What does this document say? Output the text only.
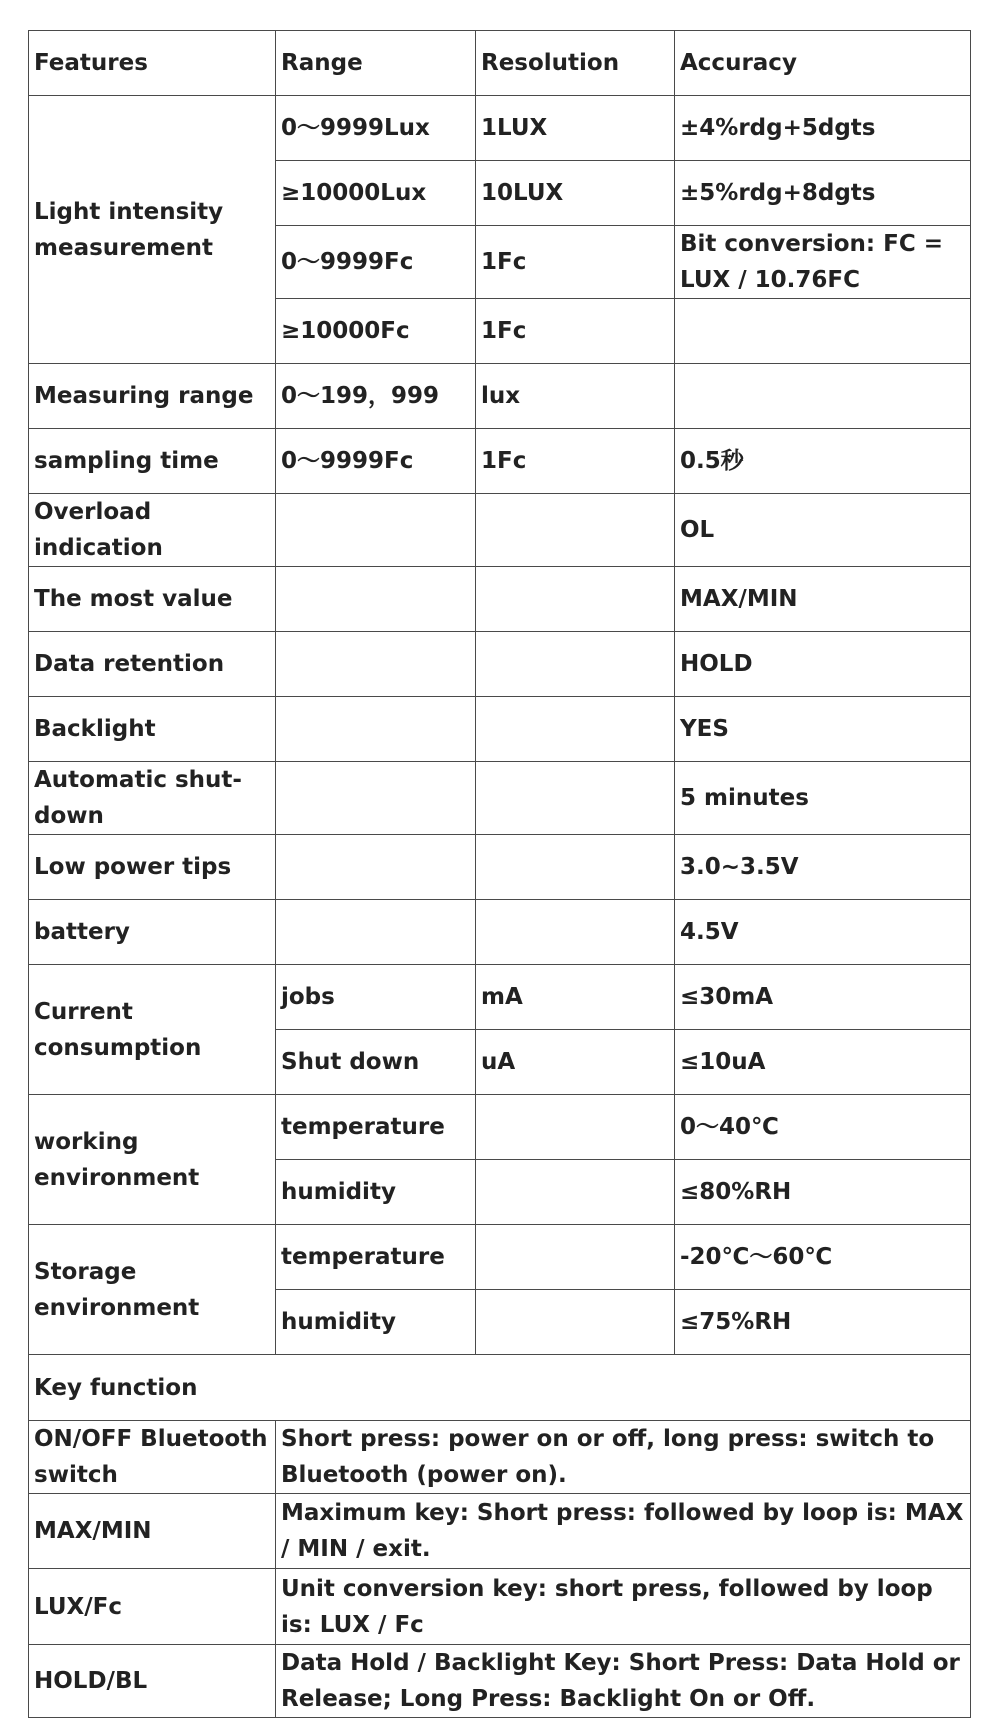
Features	Range	Resolution	Accuracy
Light intensity measurement	0～9999Lux	1LUX	±4%rdg+5dgts
	≥10000Lux	10LUX	±5%rdg+8dgts
	0～9999Fc	1Fc	Bit conversion: FC = LUX / 10.76FC
	≥10000Fc	1Fc	
Measuring range	0～199，999	lux	
sampling time	0～9999Fc	1Fc	0.5秒
Overload indication			OL
The most value			MAX/MIN
Data retention			HOLD
Backlight			YES
Automatic shut-down			5 minutes
Low power tips			3.0~3.5V
battery			4.5V
Current consumption	jobs	mA	≤30mA
	Shut down	uA	≤10uA
working environment	temperature		0～40℃
	humidity		≤80%RH
Storage environment	temperature		-20℃～60℃
	humidity		≤75%RH
Key function			
ON/OFF Bluetooth switch	Short press: power on or off, long press: switch to Bluetooth (power on).		
MAX/MIN	Maximum key: Short press: followed by loop is: MAX / MIN / exit.		
LUX/Fc	Unit conversion key: short press, followed by loop is: LUX / Fc		
HOLD/BL	Data Hold / Backlight Key: Short Press: Data Hold or Release; Long Press: Backlight On or Off.		
